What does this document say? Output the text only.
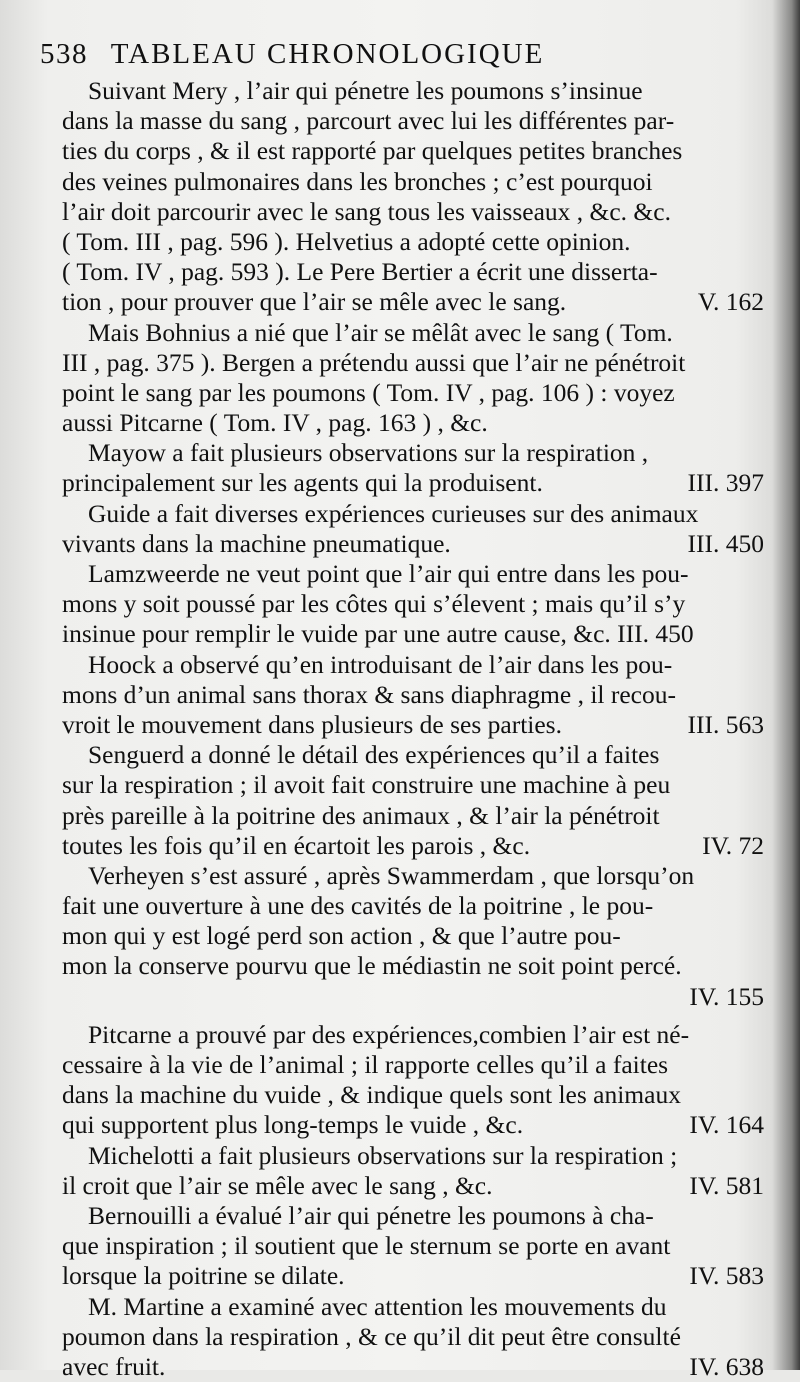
538 TABLEAU CHRONOLOGIQUE
Suivant Mery , l’air qui pénetre les poumons s’insinue
dans la masse du sang , parcourt avec lui les différentes par-
ties du corps , & il est rapporté par quelques petites branches
des veines pulmonaires dans les bronches ; c’est pourquoi
l’air doit parcourir avec le sang tous les vaisseaux , &c. &c.
( Tom. III , pag. 596 ). Helvetius a adopté cette opinion.
( Tom. IV , pag. 593 ). Le Pere Bertier a écrit une disserta-
tion , pour prouver que l’air se mêle avec le sang.	V. 162
Mais Bohnius a nié que l’air se mêlât avec le sang ( Tom.
III , pag. 375 ). Bergen a prétendu aussi que l’air ne pénétroit
point le sang par les poumons ( Tom. IV , pag. 106 ) : voyez
aussi Pitcarne ( Tom. IV , pag. 163 ) , &c.
Mayow a fait plusieurs observations sur la respiration ,
principalement sur les agents qui la produisent.	III. 397
Guide a fait diverses expériences curieuses sur des animaux
vivants dans la machine pneumatique.	III. 450
Lamzweerde ne veut point que l’air qui entre dans les pou-
mons y soit poussé par les côtes qui s’élevent ; mais qu’il s’y
insinue pour remplir le vuide par une autre cause, &c. III. 450
Hoock a observé qu’en introduisant de l’air dans les pou-
mons d’un animal sans thorax & sans diaphragme , il recou-
vroit le mouvement dans plusieurs de ses parties.	III. 563
Senguerd a donné le détail des expériences qu’il a faites
sur la respiration ; il avoit fait construire une machine à peu
près pareille à la poitrine des animaux , & l’air la pénétroit
toutes les fois qu’il en écartoit les parois , &c.	IV. 72
Verheyen s’est assuré , après Swammerdam , que lorsqu’on
fait une ouverture à une des cavités de la poitrine , le pou-
mon qui y est logé perd son action , & que l’autre pou-
mon la conserve pourvu que le médiastin ne soit point percé.
IV. 155
Pitcarne a prouvé par des expériences,combien l’air est né-
cessaire à la vie de l’animal ; il rapporte celles qu’il a faites
dans la machine du vuide , & indique quels sont les animaux
qui supportent plus long-temps le vuide , &c.	IV. 164
Michelotti a fait plusieurs observations sur la respiration ;
il croit que l’air se mêle avec le sang , &c.	IV. 581
Bernouilli a évalué l’air qui pénetre les poumons à cha-
que inspiration ; il soutient que le sternum se porte en avant
lorsque la poitrine se dilate.	IV. 583
M. Martine a examiné avec attention les mouvements du
poumon dans la respiration , & ce qu’il dit peut être consulté
avec fruit.	IV. 638
